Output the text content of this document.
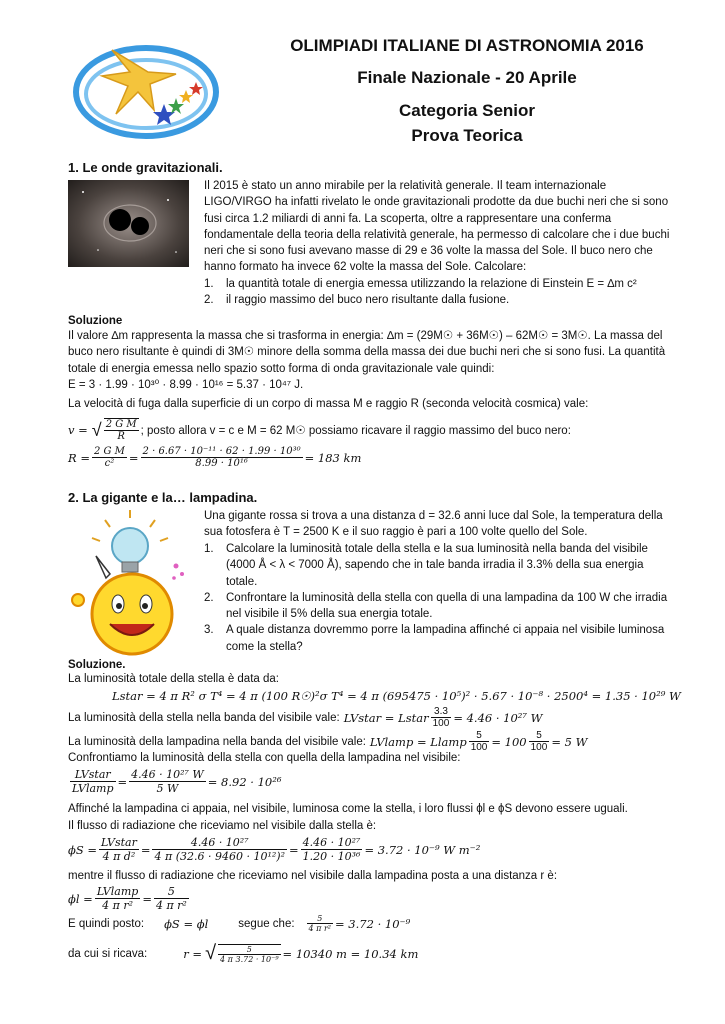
OLIMPIADI ITALIANE DI ASTRONOMIA 2016
Finale Nazionale - 20 Aprile
Categoria Senior
Prova Teorica
1. Le onde gravitazionali.
Il 2015 è stato un anno mirabile per la relatività generale. Il team internazionale
LIGO/VIRGO ha infatti rivelato le onde gravitazionali prodotte da due buchi neri che si sono
fusi circa 1.2 miliardi di anni fa. La scoperta, oltre a rappresentare una conferma
fondamentale della teoria della relatività generale, ha permesso di calcolare che i due buchi
neri che si sono fusi avevano masse di 29 e 36 volte la massa del Sole. Il buco nero che
hanno formato ha invece 62 volte la massa del Sole. Calcolare:
1. la quantità totale di energia emessa utilizzando la relazione di Einstein E = ∆m c²
2. il raggio massimo del buco nero risultante dalla fusione.
Soluzione
Il valore ∆m rappresenta la massa che si trasforma in energia: ∆m = (29M☉ + 36M☉) – 62M☉ = 3M☉. La massa del
buco nero risultante è quindi di 3M☉ minore della somma della massa dei due buchi neri che si sono fusi. La quantità
totale di energia emessa nello spazio sotto forma di onda gravitazionale vale quindi:
E = 3 · 1.99 · 10³⁰ · 8.99 · 10¹⁶ = 5.37 · 10⁴⁷ J.
La velocità di fuga dalla superficie di un corpo di massa M e raggio R (seconda velocità cosmica) vale:
v = √ $\frac{\text{2 G M}}{R}$ ; posto allora v = c e M = 62 M☉ possiamo ricavare il raggio massimo del buco nero:
$R = \frac{\text{2 G M}}{\text{c²}} = \frac{\text{2 · 6.67 · 10⁻¹¹ · 62 · 1.99 · 10³⁰}}{\text{8.99 · 10¹⁶}} = 183$ km
2. La gigante e la… lampadina.
Una gigante rossa si trova a una distanza d = 32.6 anni luce dal Sole, la temperatura della
sua fotosfera è T = 2500 K e il suo raggio è pari a 100 volte quello del Sole.
1. Calcolare la luminosità totale della stella e la sua luminosità nella banda del visibile
(4000 Å < λ < 7000 Å), sapendo che in tale banda irradia il 3.3% della sua energia
totale.
2. Confrontare la luminosità della stella con quella di una lampadina da 100 W che irradia
nel visibile il 5% della sua energia totale.
3. A quale distanza dovremmo porre la lampadina affinché ci appaia nel visibile luminosa
come la stella?
Soluzione.
La luminosità totale della stella è data da:
Lstar = 4 π R² σ T⁴ = 4 π (100 R☉)²σ T⁴ = 4 π (695475 · 10⁵)² · 5.67 · 10⁻⁸ · 2500⁴ = 1.35 · 10²⁹ W
La luminosità della stella nella banda del visibile vale: LVstar = Lstar $\frac{3.3}{100} = 4.46 \cdot 10^{27}$ W
La luminosità della lampadina nella banda del visibile vale: LVlamp = Llamp $\frac{5}{100} = 100 \frac{5}{100} = 5$ W
Confrontiamo la luminosità della stella con quella della lampadina nel visibile:
$\frac{\text{LVstar}}{\text{LVlamp}} = \frac{\text{4.46 · 10²⁷ W}}{5 W} = 8.92 \cdot 10^{26}$
Affinché la lampadina ci appaia, nel visibile, luminosa come la stella, i loro flussi ϕl e ϕS devono essere uguali.
Il flusso di radiazione che riceviamo nel visibile dalla stella è:
$\phi S = \frac{\text{LVstar}}{\text{4 π d²}} = \frac{\text{4.46 · 10²⁷}}{\text{4 π (32.6 · 9460 · 10¹²)²}} = \frac{\text{4.46 · 10²⁷}}{\text{1.20 · 10³⁶}} = 3.72 \cdot 10^{-9}$ W m⁻²
mentre il flusso di radiazione che riceviamo nel visibile dalla lampadina posta a una distanza r è:
$\phi l = \frac{\text{LVlamp}}{\text{4 π r²}} = \frac{5}{\text{4 π r²}}$
E quindi posto: ϕS = ϕl	segue che: $\frac{5}{\text{4 π r²}} = 3.72 \cdot 10^{-9}$
da cui si ricava:	r = √ $\frac{5}{\text{4 π 3.72 · 10⁻⁹}} = 10340$ m = 10.34 km
